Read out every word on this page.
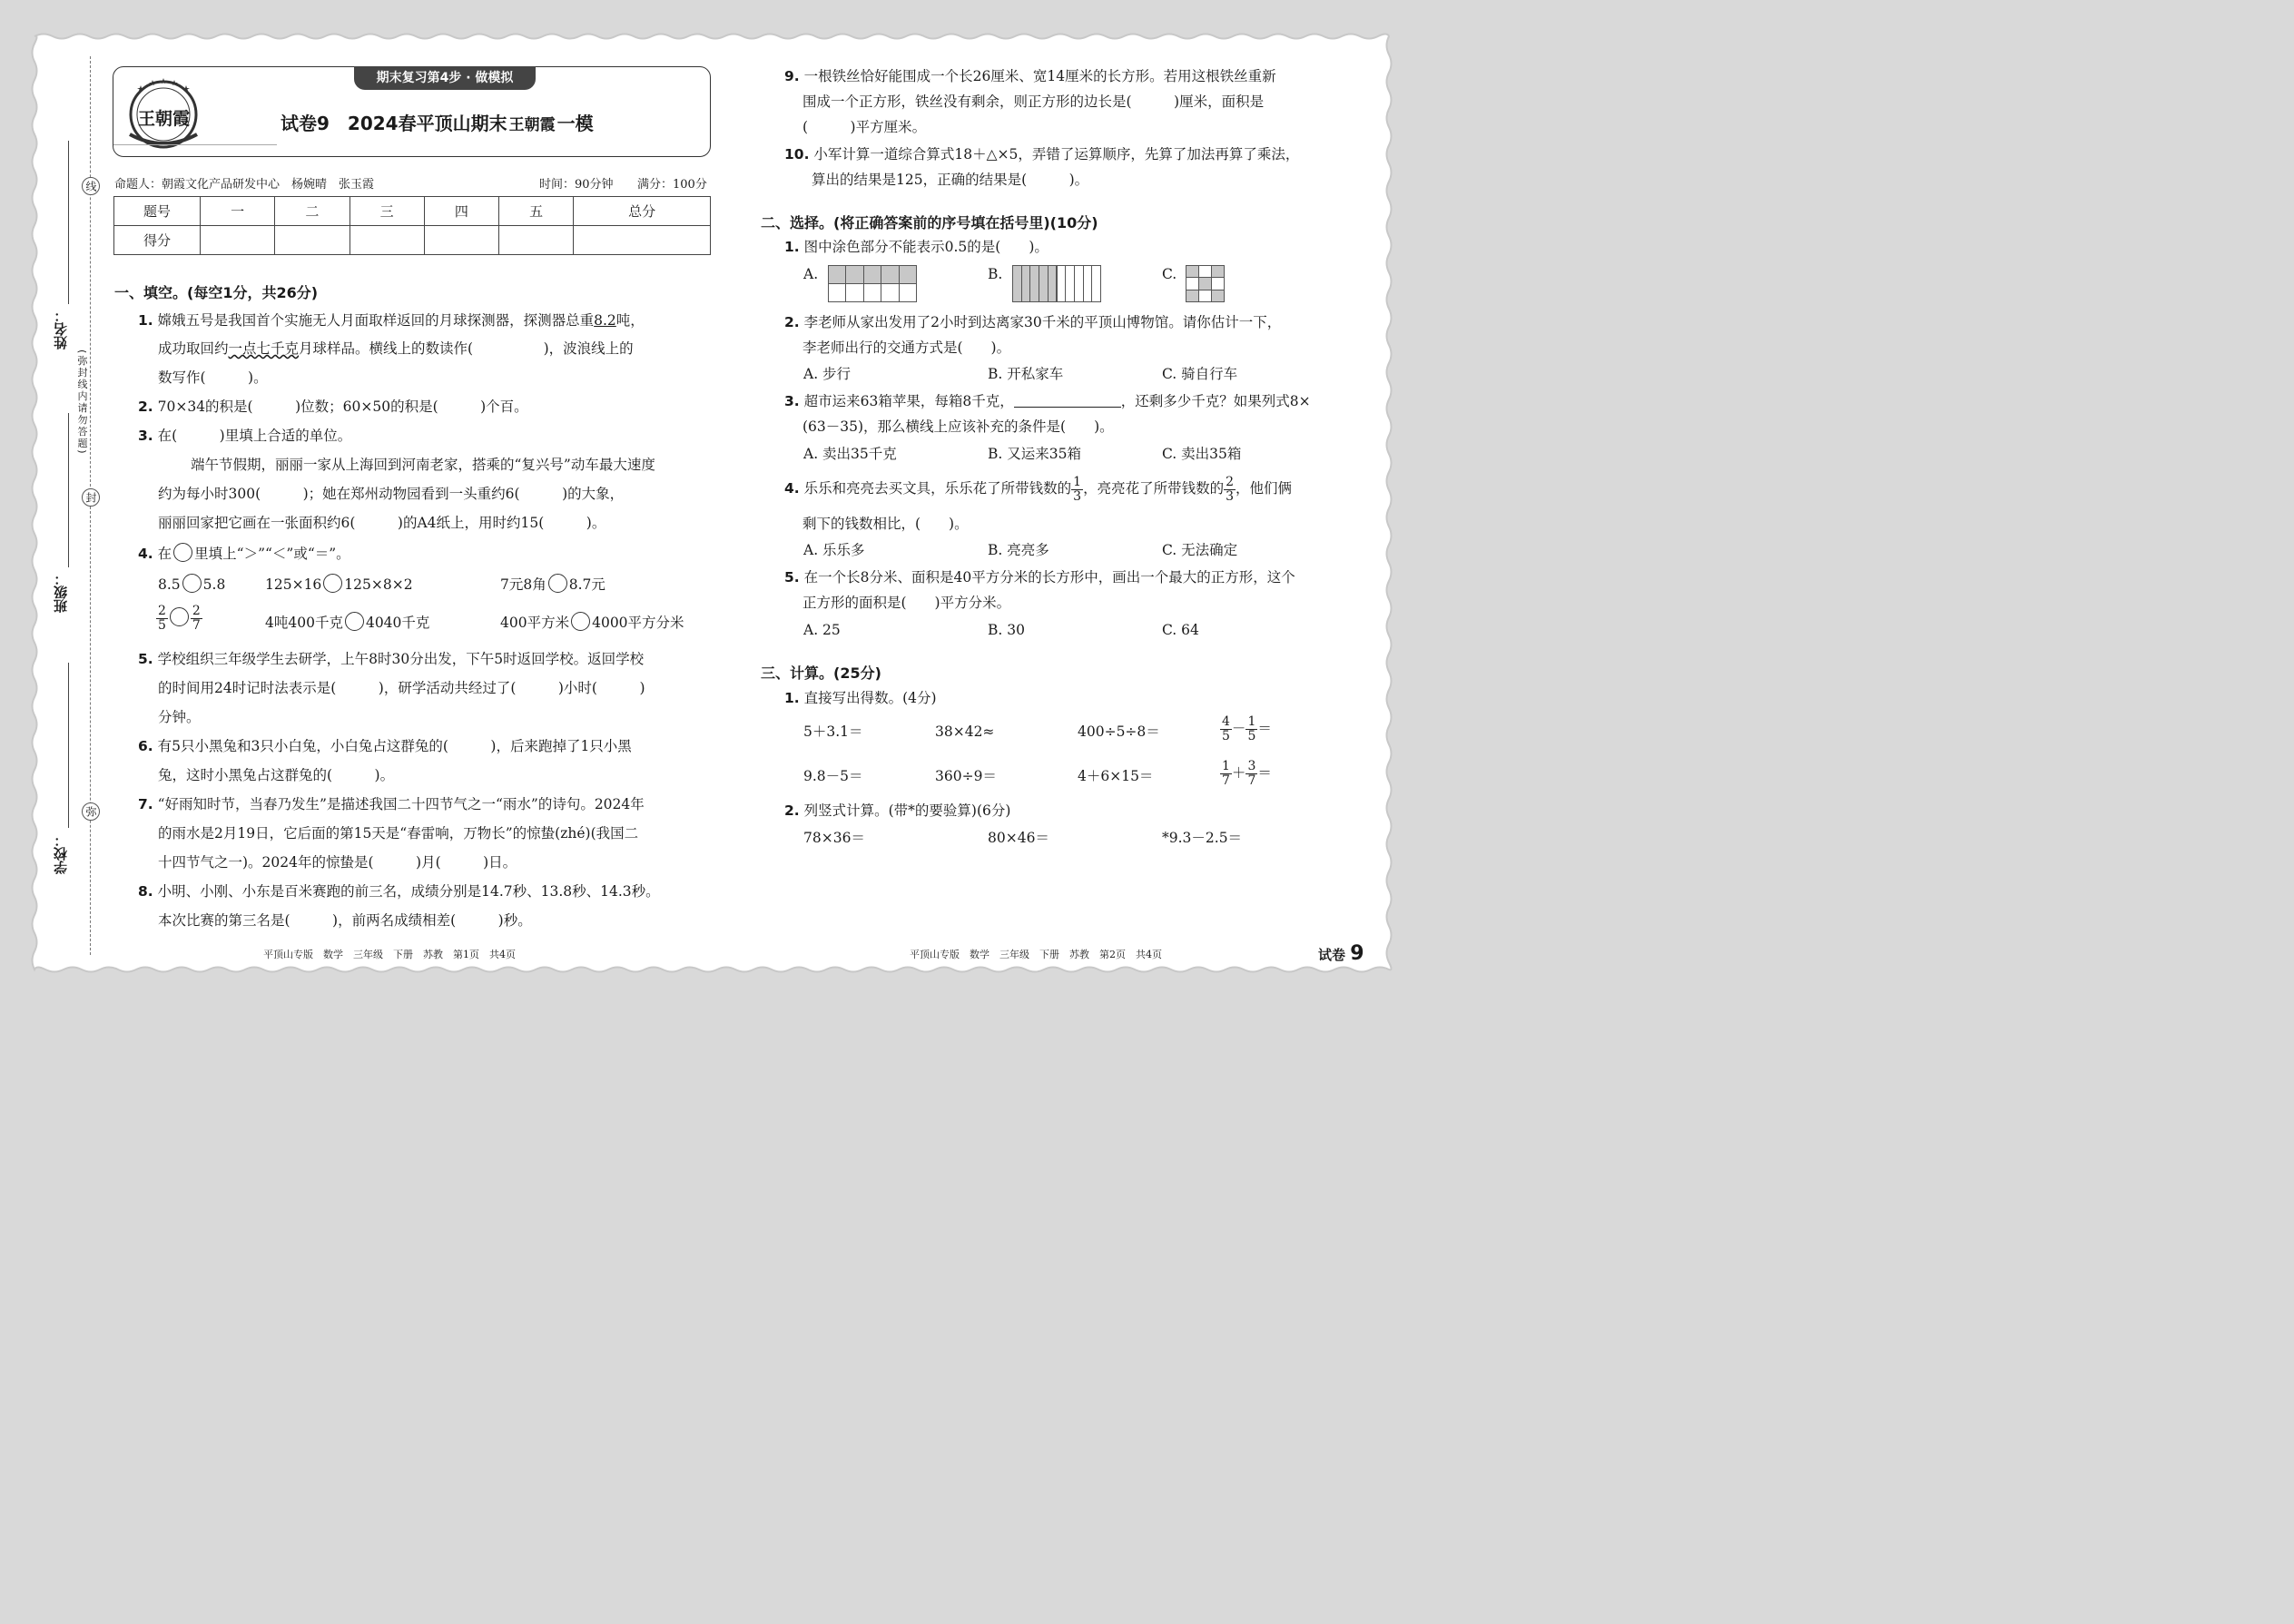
线
封
弥
(弥封线内请勿答题)
姓名：
班级：
学校：
期末复习第4步 · 做模拟
王朝霞	试卷9　2024春平顶山期末 王朝霞 一模
命题人：朝霞文化产品研发中心　杨婉晴　张玉霞	时间：90分钟 满分：100分
题号	一	二	三	四	五	总分
得分						
一、填空。(每空1分，共26分)
1. 嫦娥五号是我国首个实施无人月面取样返回的月球探测器，探测器总重8.2吨，
成功取回约一点七千克月球样品。横线上的数读作(　　　　　)，波浪线上的
数写作(　　　)。
2. 70×34的积是(　　　)位数；60×50的积是(　　　)个百。
3. 在(　　　)里填上合适的单位。
端午节假期，丽丽一家从上海回到河南老家，搭乘的“复兴号”动车最大速度
约为每小时300(　　　)；她在郑州动物园看到一头重约6(　　　)的大象，
丽丽回家把它画在一张面积约6(　　　)的A4纸上，用时约15(　　　)。
4. 在 里填上“＞”“＜”或“＝”。
8.5 5.8	125×16 125×8×2	7元8角 8.7元
$\frac{2}{5} \frac{2}{7}$	4吨400千克 4040千克	400平方米 4000平方分米
5. 学校组织三年级学生去研学，上午8时30分出发，下午5时返回学校。返回学校
的时间用24时记时法表示是(　　　)，研学活动共经过了(　　　)小时(　　　)
分钟。
6. 有5只小黑兔和3只小白兔，小白兔占这群兔的(　　　)，后来跑掉了1只小黑
兔，这时小黑兔占这群兔的(　　　)。
7. “好雨知时节，当春乃发生”是描述我国二十四节气之一“雨水”的诗句。2024年
的雨水是2月19日，它后面的第15天是“春雷响，万物长”的惊蛰(zhé)(我国二
十四节气之一)。2024年的惊蛰是(　　　)月(　　　)日。
8. 小明、小刚、小东是百米赛跑的前三名，成绩分别是14.7秒、13.8秒、14.3秒。
本次比赛的第三名是(　　　)，前两名成绩相差(　　　)秒。
平顶山专版　数学　三年级　下册　苏教　第1页　共4页
9. 一根铁丝恰好能围成一个长26厘米、宽14厘米的长方形。若用这根铁丝重新
围成一个正方形，铁丝没有剩余，则正方形的边长是(　　　)厘米，面积是
(　　　)平方厘米。
10. 小军计算一道综合算式18＋△×5，弄错了运算顺序，先算了加法再算了乘法，
算出的结果是125，正确的结果是(　　　)。
二、选择。(将正确答案前的序号填在括号里)(10分)
1. 图中涂色部分不能表示0.5的是(　　)。
A.	B.	C.
2. 李老师从家出发用了2小时到达离家30千米的平顶山博物馆。请你估计一下，
李老师出行的交通方式是(　　)。
A. 步行	B. 开私家车	C. 骑自行车
3. 超市运来63箱苹果，每箱8千克，	，还剩多少千克？如果列式8×
(63－35)，那么横线上应该补充的条件是(　　)。
A. 卖出35千克	B. 又运来35箱	C. 卖出35箱
4. 乐乐和亮亮去买文具，乐乐花了所带钱数的 $\frac{1}{3}$ ，亮亮花了所带钱数的 $\frac{2}{3}$ ，他们俩
剩下的钱数相比，(　　)。
A. 乐乐多	B. 亮亮多	C. 无法确定
5. 在一个长8分米、面积是40平方分米的长方形中，画出一个最大的正方形，这个
正方形的面积是(　　)平方分米。
A. 25	B. 30	C. 64
三、计算。(25分)
1. 直接写出得数。(4分)
5＋3.1＝	38×42≈	400÷5÷8＝	$\frac{4}{5} - \frac{1}{5}$ ＝
9.8－5＝	360÷9＝	4＋6×15＝	$\frac{1}{7} + \frac{3}{7}$ ＝
2. 列竖式计算。(带*的要验算)(6分)
78×36＝	80×46＝	*9.3－2.5＝
平顶山专版　数学　三年级　下册　苏教　第2页　共4页	试卷 9
